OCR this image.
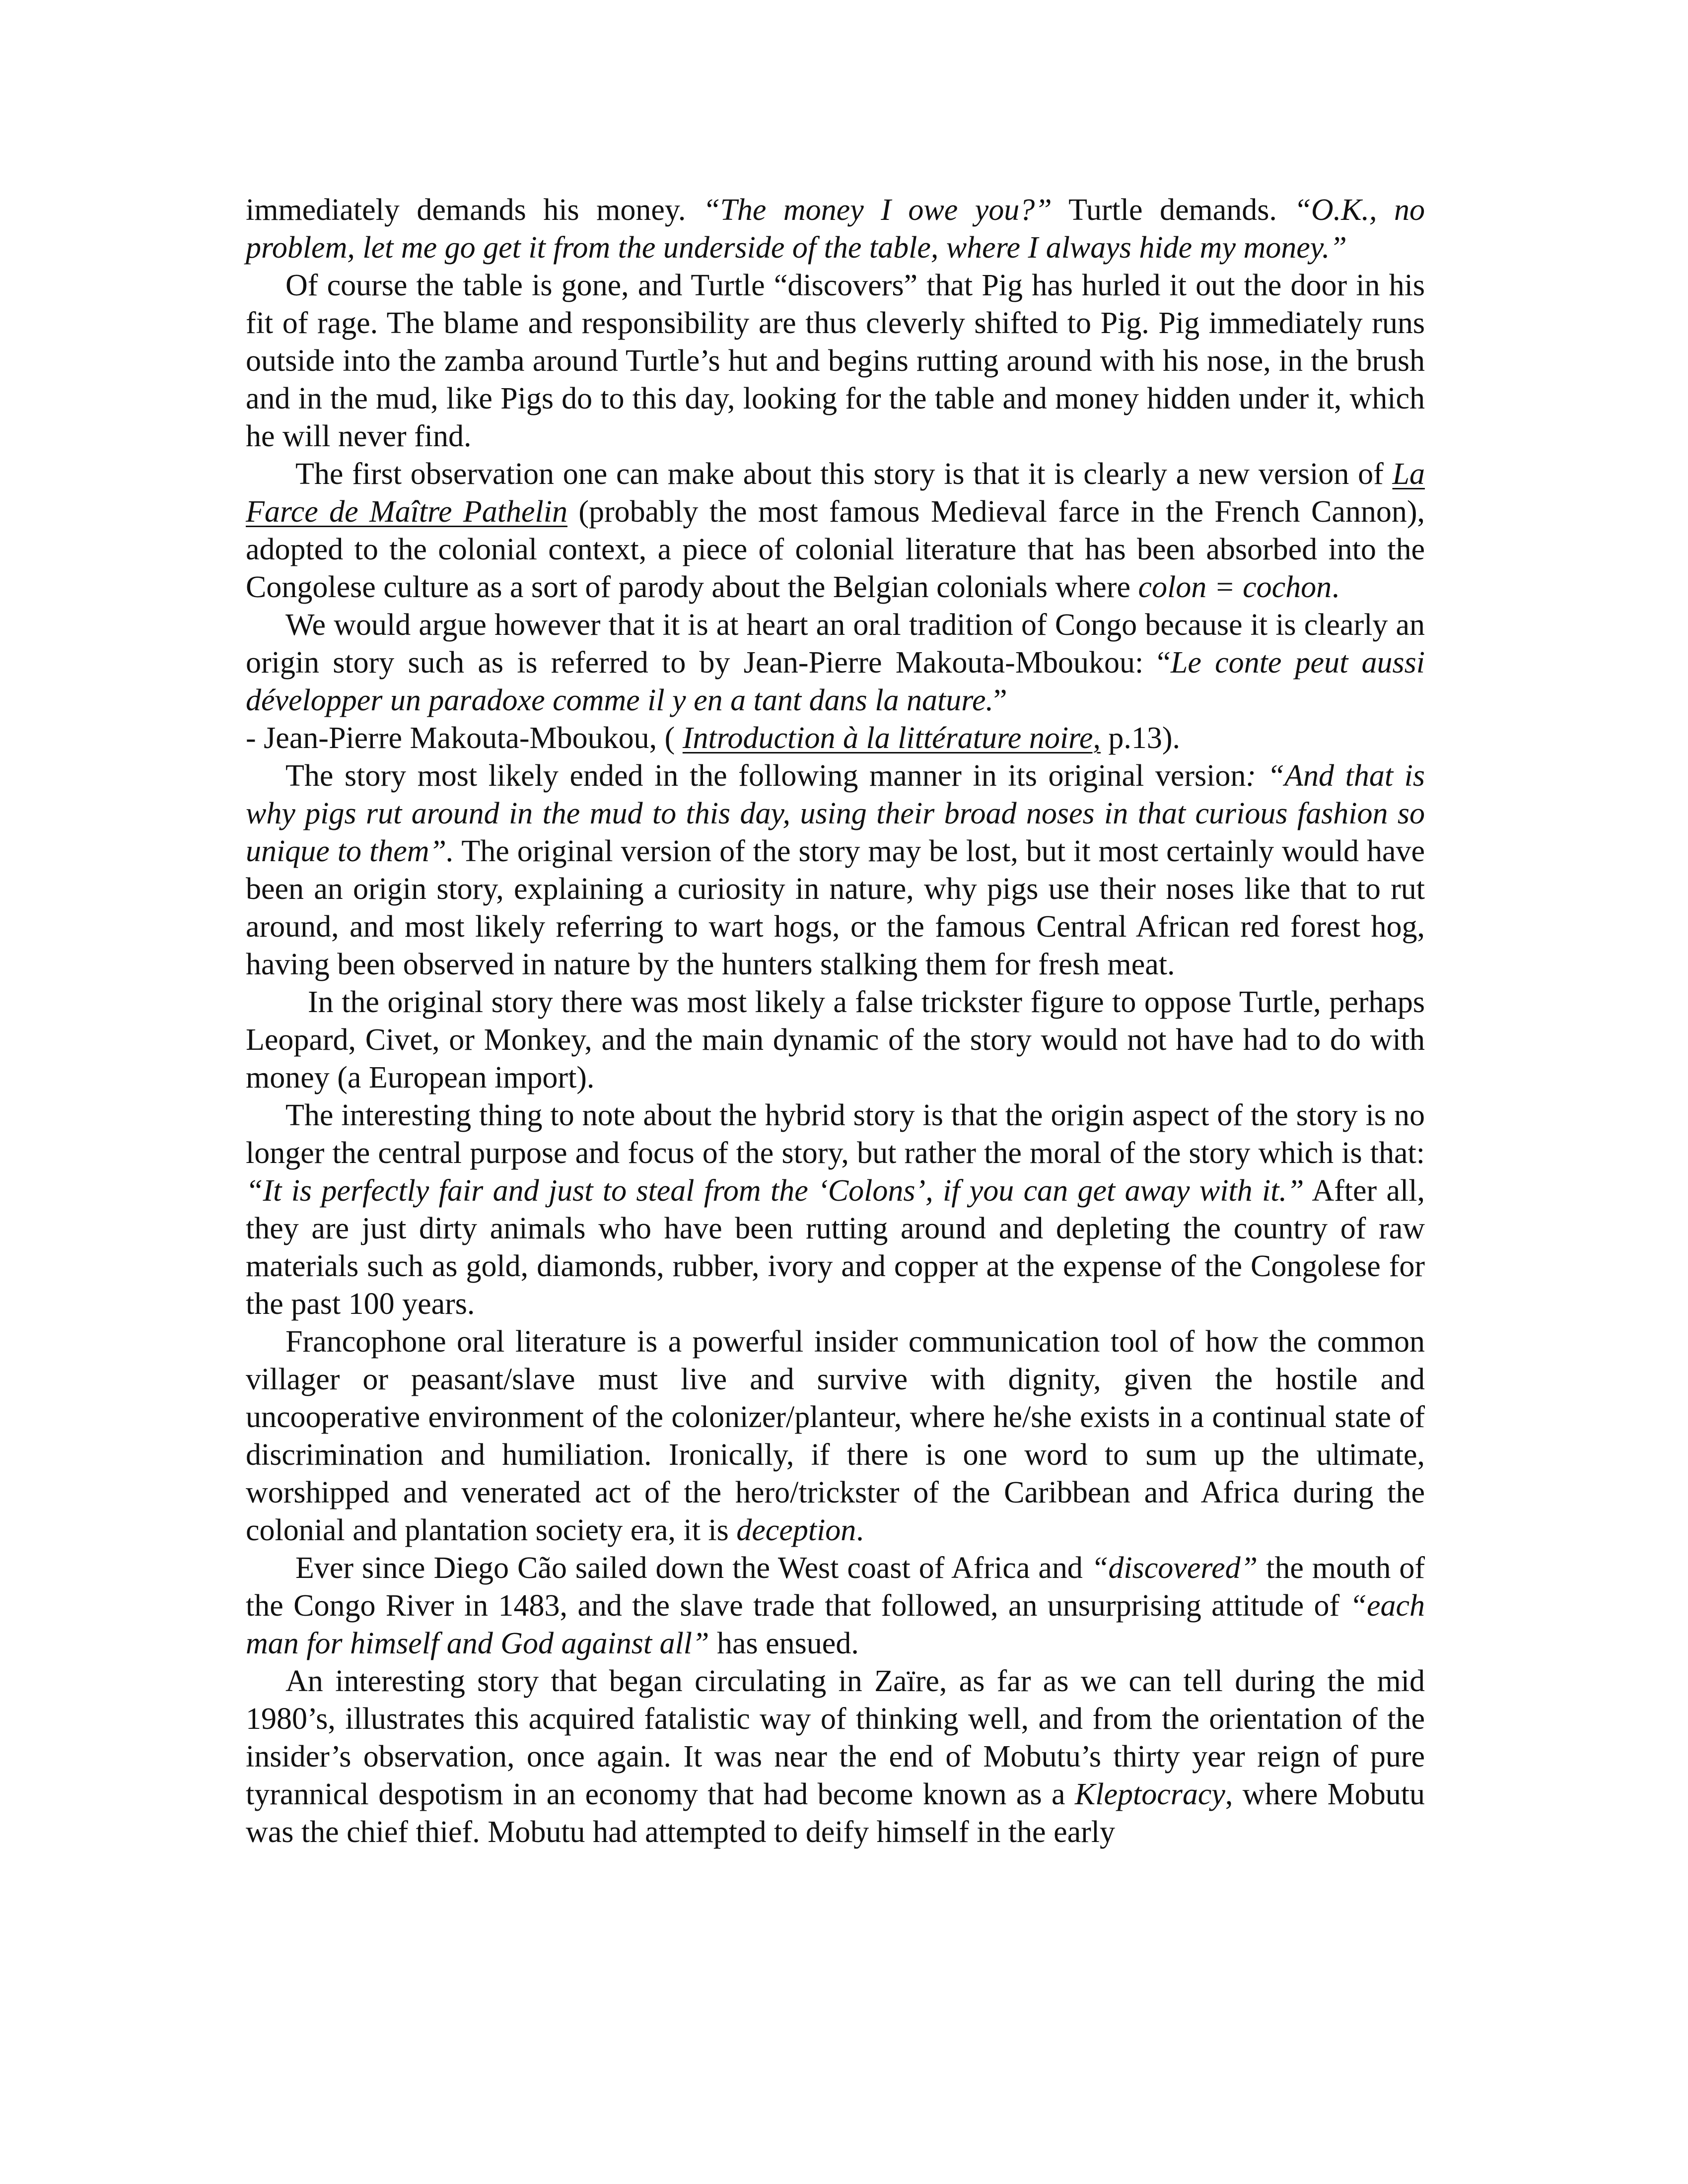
immediately demands his money. “The money I owe you?” Turtle demands. “O.K., no problem, let me go get it from the underside of the table, where I always hide my money.”

Of course the table is gone, and Turtle “discovers” that Pig has hurled it out the door in his fit of rage. The blame and responsibility are thus cleverly shifted to Pig. Pig immediately runs outside into the zamba around Turtle’s hut and begins rutting around with his nose, in the brush and in the mud, like Pigs do to this day, looking for the table and money hidden under it, which he will never find.

The first observation one can make about this story is that it is clearly a new version of La Farce de Maître Pathelin (probably the most famous Medieval farce in the French Cannon), adopted to the colonial context, a piece of colonial literature that has been absorbed into the Congolese culture as a sort of parody about the Belgian colonials where colon = cochon.

We would argue however that it is at heart an oral tradition of Congo because it is clearly an origin story such as is referred to by Jean-Pierre Makouta-Mboukou: “Le conte peut aussi développer un paradoxe comme il y en a tant dans la nature.”

- Jean-Pierre Makouta-Mboukou, ( Introduction à la littérature noire, p.13).

The story most likely ended in the following manner in its original version: “And that is why pigs rut around in the mud to this day, using their broad noses in that curious fashion so unique to them”. The original version of the story may be lost, but it most certainly would have been an origin story, explaining a curiosity in nature, why pigs use their noses like that to rut around, and most likely referring to wart hogs, or the famous Central African red forest hog, having been observed in nature by the hunters stalking them for fresh meat.

In the original story there was most likely a false trickster figure to oppose Turtle, perhaps Leopard, Civet, or Monkey, and the main dynamic of the story would not have had to do with money (a European import).

The interesting thing to note about the hybrid story is that the origin aspect of the story is no longer the central purpose and focus of the story, but rather the moral of the story which is that: “It is perfectly fair and just to steal from the ‘Colons’, if you can get away with it.” After all, they are just dirty animals who have been rutting around and depleting the country of raw materials such as gold, diamonds, rubber, ivory and copper at the expense of the Congolese for the past 100 years.

Francophone oral literature is a powerful insider communication tool of how the common villager or peasant/slave must live and survive with dignity, given the hostile and uncooperative environment of the colonizer/planteur, where he/she exists in a continual state of discrimination and humiliation. Ironically, if there is one word to sum up the ultimate, worshipped and venerated act of the hero/trickster of the Caribbean and Africa during the colonial and plantation society era, it is deception.

Ever since Diego Cão sailed down the West coast of Africa and “discovered” the mouth of the Congo River in 1483, and the slave trade that followed, an unsurprising attitude of “each man for himself and God against all” has ensued.

An interesting story that began circulating in Zaïre, as far as we can tell during the mid 1980’s, illustrates this acquired fatalistic way of thinking well, and from the orientation of the insider’s observation, once again. It was near the end of Mobutu’s thirty year reign of pure tyrannical despotism in an economy that had become known as a Kleptocracy, where Mobutu was the chief thief. Mobutu had attempted to deify himself in the early
